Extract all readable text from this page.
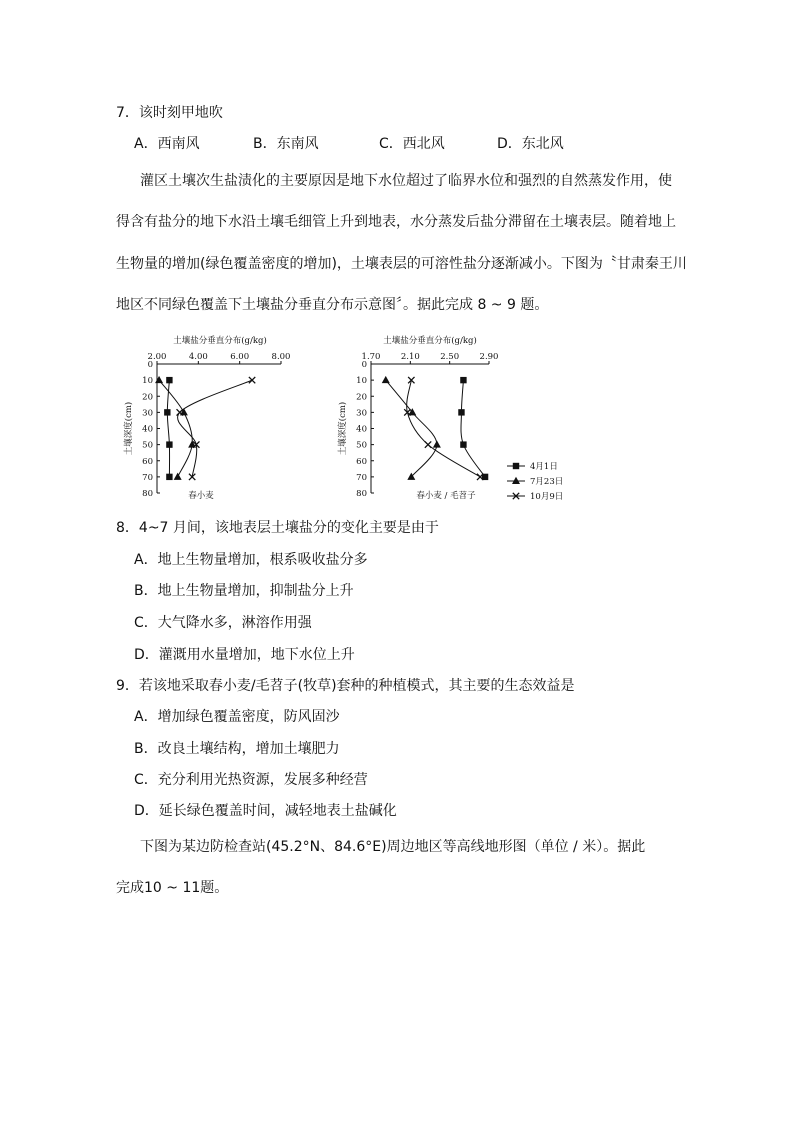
7．该时刻甲地吹
A．西南风	B．东南风	C．西北风	D．东北风
灌区土壤次生盐渍化的主要原因是地下水位超过了临界水位和强烈的自然蒸发作用，使
得含有盐分的地下水沿土壤毛细管上升到地表，水分蒸发后盐分滞留在土壤表层。随着地上
生物量的增加(绿色覆盖密度的增加)，土壤表层的可溶性盐分逐渐减小。下图为〝甘肃秦王川
地区不同绿色覆盖下土壤盐分垂直分布示意图〞。据此完成 8 ~ 9 题。
土壤盐分垂直分布(g/kg)
2.00	4.00	6.00	8.00
0
10
20
30
40
50
60
70
80
土壤深度(cm)
春小麦
土壤盐分垂直分布(g/kg)
1.70 2.10 2.50 2.90
0
10
20
30
40
50
60
70
80
土壤深度(cm)
春小麦 / 毛苕子
4月1日
7月23日
10月9日
8．4~7 月间，该地表层土壤盐分的变化主要是由于
A．地上生物量增加，根系吸收盐分多
B．地上生物量增加，抑制盐分上升
C．大气降水多，淋溶作用强
D．灌溉用水量增加，地下水位上升
9．若该地采取春小麦/毛苕子(牧草)套种的种植模式，其主要的生态效益是
A．增加绿色覆盖密度，防风固沙
B．改良土壤结构，增加土壤肥力
C．充分利用光热资源，发展多种经营
D．延长绿色覆盖时间，减轻地表土盐碱化
下图为某边防检查站(45.2°N、84.6°E)周边地区等高线地形图（单位 / 米）。据此
完成10 ~ 11题。
